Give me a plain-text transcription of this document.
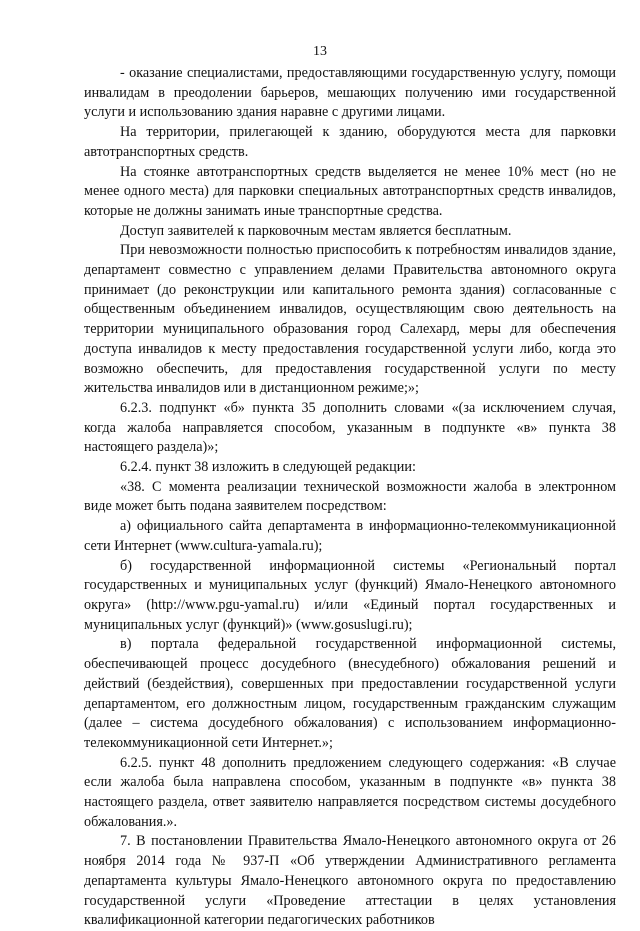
13

- оказание специалистами, предоставляющими государственную услугу, помощи инвалидам в преодолении барьеров, мешающих получению ими государственной услуги и использованию здания наравне с другими лицами.

На территории, прилегающей к зданию, оборудуются места для парковки автотранспортных средств.

На стоянке автотранспортных средств выделяется не менее 10% мест (но не менее одного места) для парковки специальных автотранспортных средств инвалидов, которые не должны занимать иные транспортные средства.

Доступ заявителей к парковочным местам является бесплатным.

При невозможности полностью приспособить к потребностям инвалидов здание, департамент совместно с управлением делами Правительства автономного округа принимает (до реконструкции или капитального ремонта здания) согласованные с общественным объединением инвалидов, осуществляющим свою деятельность на территории муниципального образования город Салехард, меры для обеспечения доступа инвалидов к месту предоставления государственной услуги либо, когда это возможно обеспечить, для предоставления государственной услуги по месту жительства инвалидов или в дистанционном режиме;»;

6.2.3. подпункт «б» пункта 35 дополнить словами «(за исключением случая, когда жалоба направляется способом, указанным в подпункте «в» пункта 38 настоящего раздела)»;

6.2.4. пункт 38 изложить в следующей редакции:

«38. С момента реализации технической возможности жалоба в электронном виде может быть подана заявителем посредством:

а) официального сайта департамента в информационно-телекоммуникационной сети Интернет (www.cultura-yamala.ru);

б) государственной информационной системы «Региональный портал государственных и муниципальных услуг (функций) Ямало-Ненецкого автономного округа» (http://www.pgu-yamal.ru) и/или «Единый портал государственных и муниципальных услуг (функций)» (www.gosuslugi.ru);

в) портала федеральной государственной информационной системы, обеспечивающей процесс досудебного (внесудебного) обжалования решений и действий (бездействия), совершенных при предоставлении государственной услуги департаментом, его должностным лицом, государственным гражданским служащим (далее – система досудебного обжалования) с использованием информационно-телекоммуникационной сети Интернет.»;

6.2.5. пункт 48 дополнить предложением следующего содержания: «В случае если жалоба была направлена способом, указанным в подпункте «в» пункта 38 настоящего раздела, ответ заявителю направляется посредством системы досудебного обжалования.».

7. В постановлении Правительства Ямало-Ненецкого автономного округа от 26 ноября 2014 года № 937-П «Об утверждении Административного регламента департамента культуры Ямало-Ненецкого автономного округа по предоставлению государственной услуги «Проведение аттестации в целях установления квалификационной категории педагогических работников
